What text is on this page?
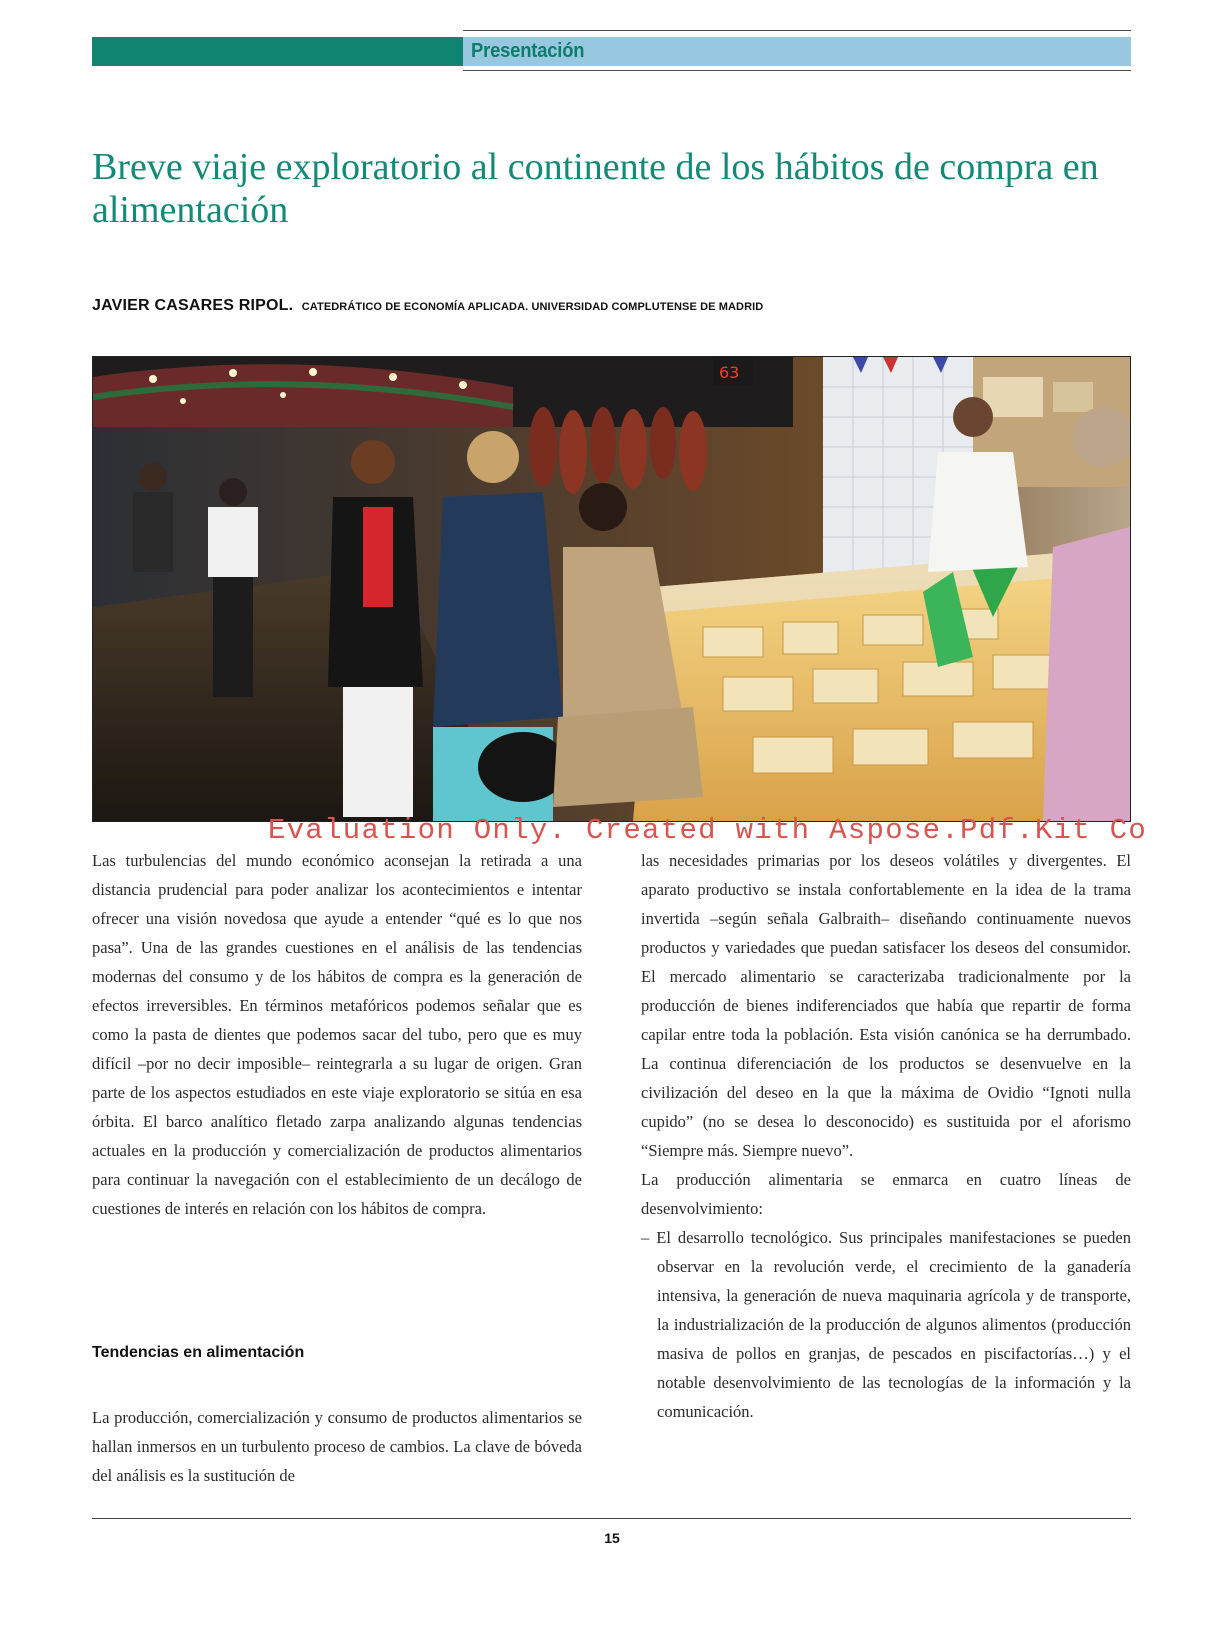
Presentación
Breve viaje exploratorio al continente de los hábitos de compra en alimentación
JAVIER CASARES RIPOL. CATEDRÁTICO DE ECONOMÍA APLICADA. UNIVERSIDAD COMPLUTENSE DE MADRID
63
Evaluation Only. Created with Aspose.Pdf.Kit Co

Las turbulencias del mundo económico aconsejan la retirada a una distancia prudencial para poder analizar los acontecimientos e intentar ofrecer una visión novedosa que ayude a entender “qué es lo que nos pasa”. Una de las grandes cuestiones en el análisis de las tendencias modernas del consumo y de los hábitos de compra es la generación de efectos irreversibles. En términos metafóricos podemos señalar que es como la pasta de dientes que podemos sacar del tubo, pero que es muy difícil –por no decir imposible– reintegrarla a su lugar de origen. Gran parte de los aspectos estudiados en este viaje exploratorio se sitúa en esa órbita. El barco analítico fletado zarpa analizando algunas tendencias actuales en la producción y comercialización de productos alimentarios para continuar la navegación con el establecimiento de un decálogo de cuestiones de interés en relación con los hábitos de compra.

Tendencias en alimentación

La producción, comercialización y consumo de productos alimentarios se hallan inmersos en un turbulento proceso de cambios. La clave de bóveda del análisis es la sustitución de

las necesidades primarias por los deseos volátiles y divergentes. El aparato productivo se instala confortablemente en la idea de la trama invertida –según señala Galbraith– diseñando continuamente nuevos productos y variedades que puedan satisfacer los deseos del consumidor. El mercado alimentario se caracterizaba tradicionalmente por la producción de bienes indiferenciados que había que repartir de forma capilar entre toda la población. Esta visión canónica se ha derrumbado. La continua diferenciación de los productos se desenvuelve en la civilización del deseo en la que la máxima de Ovidio “Ignoti nulla cupido” (no se desea lo desconocido) es sustituida por el aforismo “Siempre más. Siempre nuevo”.

La producción alimentaria se enmarca en cuatro líneas de desenvolvimiento:

– El desarrollo tecnológico. Sus principales manifestaciones se pueden observar en la revolución verde, el crecimiento de la ganadería intensiva, la generación de nueva maquinaria agrícola y de transporte, la industrialización de la producción de algunos alimentos (producción masiva de pollos en granjas, de pescados en piscifactorías…) y el notable desenvolvimiento de las tecnologías de la información y la comunicación.

15
